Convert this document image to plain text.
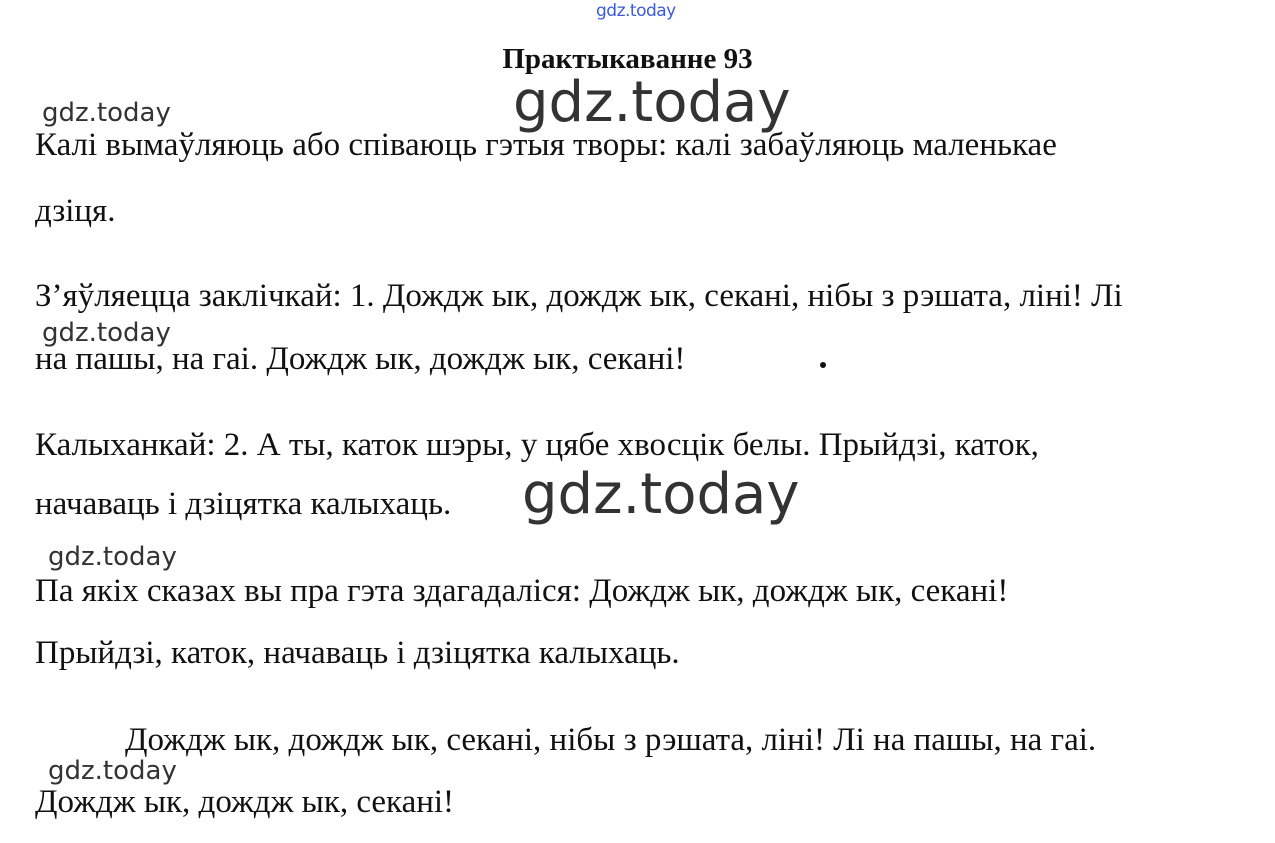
gdz.today
Практыкаванне 93
gdz.today	gdz.today

Калі вымаўляюць або співаюць гэтыя творы: калі забаўляюць маленькае

дзіця.

З’яўляецца заклічкай: 1. Дождж ык, дождж ык, секані, нібы з рэшата, ліні! Лі

gdz.today

на пашы, на гаі. Дождж ык, дождж ык, секані!

Калыханкай: 2. А ты, каток шэры, у цябе хвосцік белы. Прыйдзі, каток,

gdz.today

начаваць і дзіцятка калыхаць.

gdz.today

Па якіх сказах вы пра гэта здагадаліся: Дождж ык, дождж ык, секані!

Прыйдзі, каток, начаваць і дзіцятка калыхаць.

Дождж ык, дождж ык, секані, нібы з рэшата, ліні! Лі на пашы, на гаі.

gdz.today

Дождж ык, дождж ык, секані!
